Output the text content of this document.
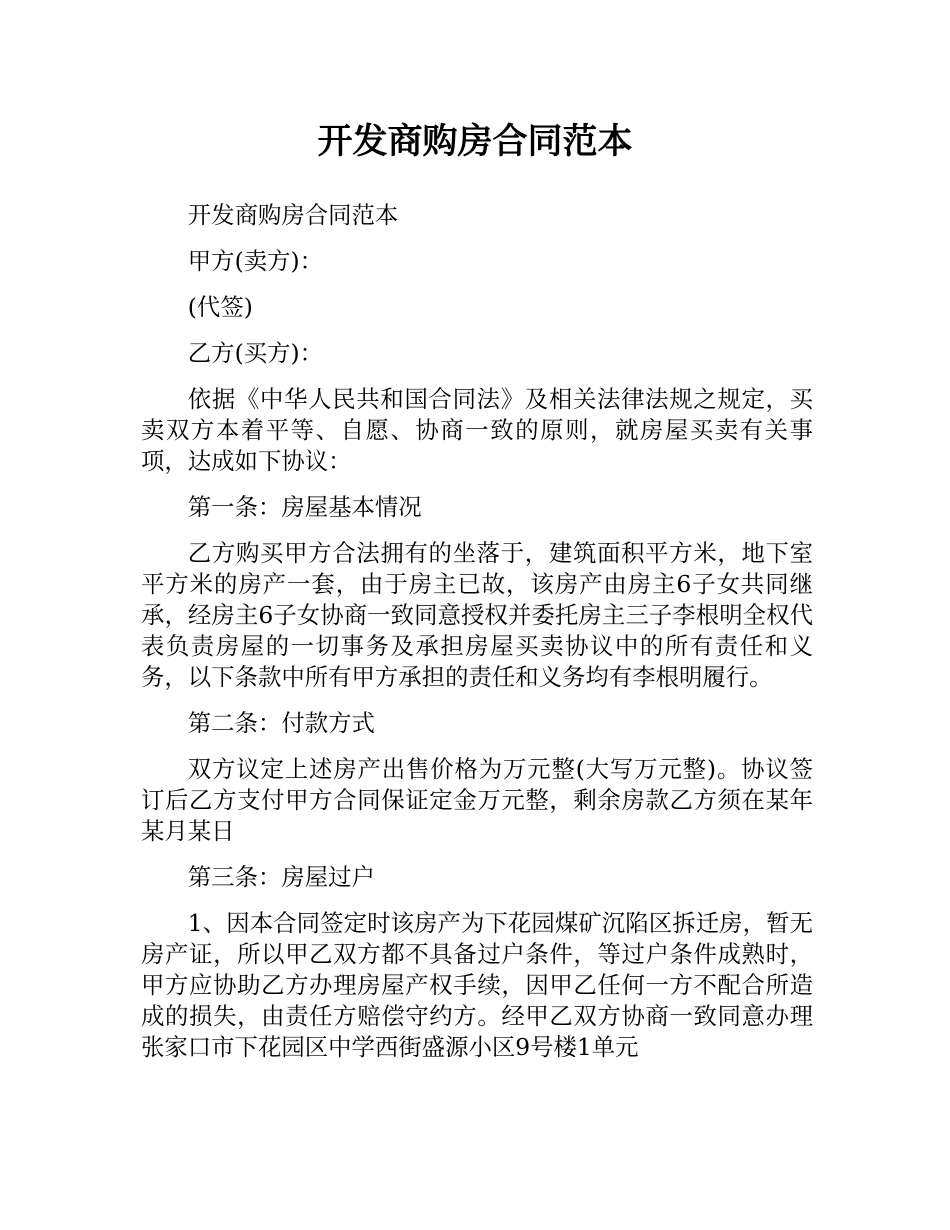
开发商购房合同范本

开发商购房合同范本

甲方(卖方)：

(代签)

乙方(买方)：

依据《中华人民共和国合同法》及相关法律法规之规定，买卖双方本着平等、自愿、协商一致的原则，就房屋买卖有关事项，达成如下协议：

第一条：房屋基本情况

乙方购买甲方合法拥有的坐落于，建筑面积平方米，地下室平方米的房产一套，由于房主已故，该房产由房主6子女共同继承，经房主6子女协商一致同意授权并委托房主三子李根明全权代表负责房屋的一切事务及承担房屋买卖协议中的所有责任和义务，以下条款中所有甲方承担的责任和义务均有李根明履行。

第二条：付款方式

双方议定上述房产出售价格为万元整(大写万元整)。协议签订后乙方支付甲方合同保证定金万元整，剩余房款乙方须在某年某月某日

第三条：房屋过户

1、因本合同签定时该房产为下花园煤矿沉陷区拆迁房，暂无房产证，所以甲乙双方都不具备过户条件，等过户条件成熟时，甲方应协助乙方办理房屋产权手续，因甲乙任何一方不配合所造成的损失，由责任方赔偿守约方。经甲乙双方协商一致同意办理张家口市下花园区中学西街盛源小区9号楼1单元
